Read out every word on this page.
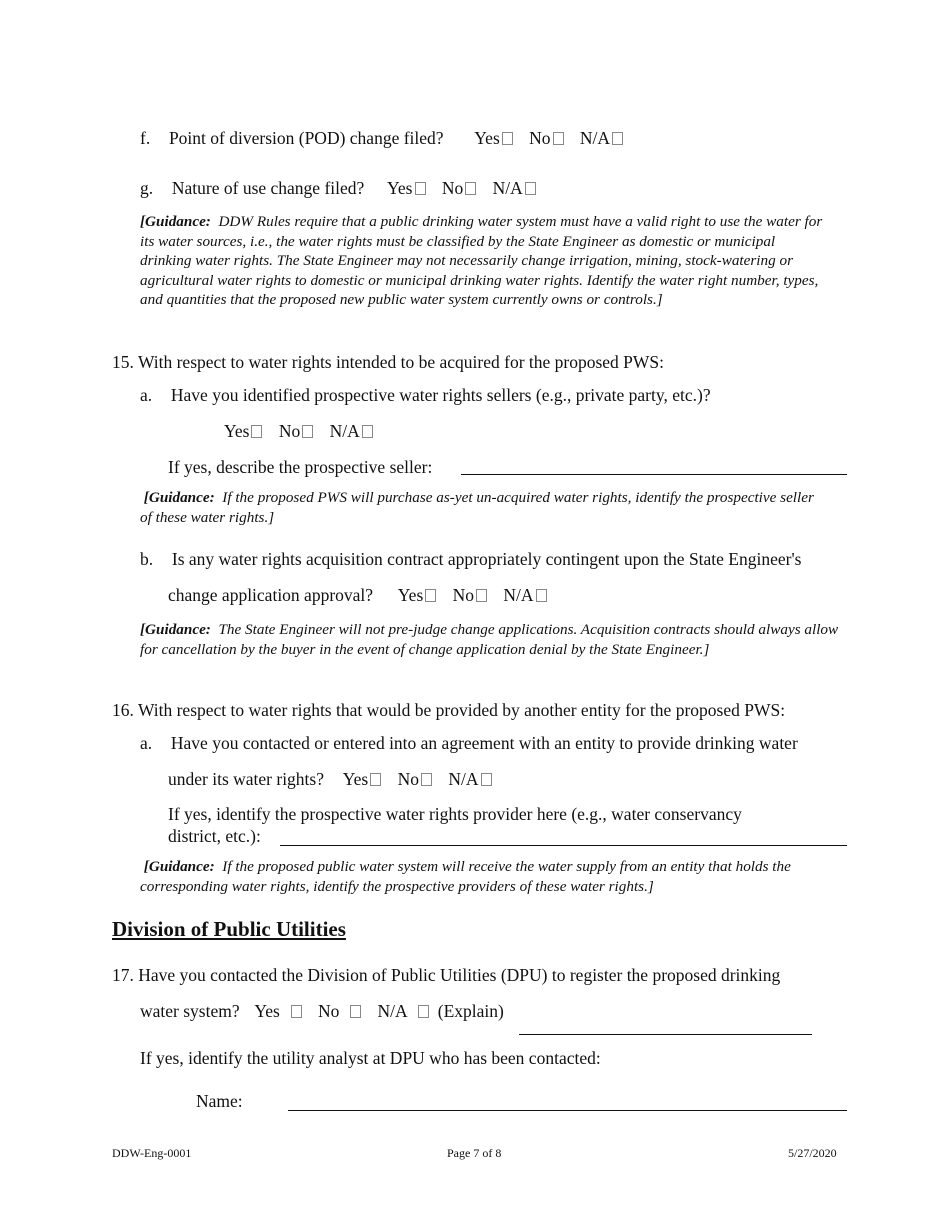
f. Point of diversion (POD) change filed? Yes No N/A
g. Nature of use change filed? Yes No N/A
[Guidance: DDW Rules require that a public drinking water system must have a valid right to use the water for its water sources, i.e., the water rights must be classified by the State Engineer as domestic or municipal drinking water rights. The State Engineer may not necessarily change irrigation, mining, stock-watering or agricultural water rights to domestic or municipal drinking water rights. Identify the water right number, types, and quantities that the proposed new public water system currently owns or controls.]
15. With respect to water rights intended to be acquired for the proposed PWS:
a. Have you identified prospective water rights sellers (e.g., private party, etc.)?
Yes No N/A
If yes, describe the prospective seller:
[Guidance: If the proposed PWS will purchase as-yet un-acquired water rights, identify the prospective seller of these water rights.]
b. Is any water rights acquisition contract appropriately contingent upon the State Engineer's
change application approval? Yes No N/A
[Guidance: The State Engineer will not pre-judge change applications. Acquisition contracts should always allow for cancellation by the buyer in the event of change application denial by the State Engineer.]
16. With respect to water rights that would be provided by another entity for the proposed PWS:
a. Have you contacted or entered into an agreement with an entity to provide drinking water
under its water rights? Yes No N/A
If yes, identify the prospective water rights provider here (e.g., water conservancy
district, etc.):
[Guidance: If the proposed public water system will receive the water supply from an entity that holds the corresponding water rights, identify the prospective providers of these water rights.]
Division of Public Utilities
17. Have you contacted the Division of Public Utilities (DPU) to register the proposed drinking
water system? Yes No N/A (Explain)
If yes, identify the utility analyst at DPU who has been contacted:
Name:
DDW-Eng-0001	Page 7 of 8	5/27/2020
